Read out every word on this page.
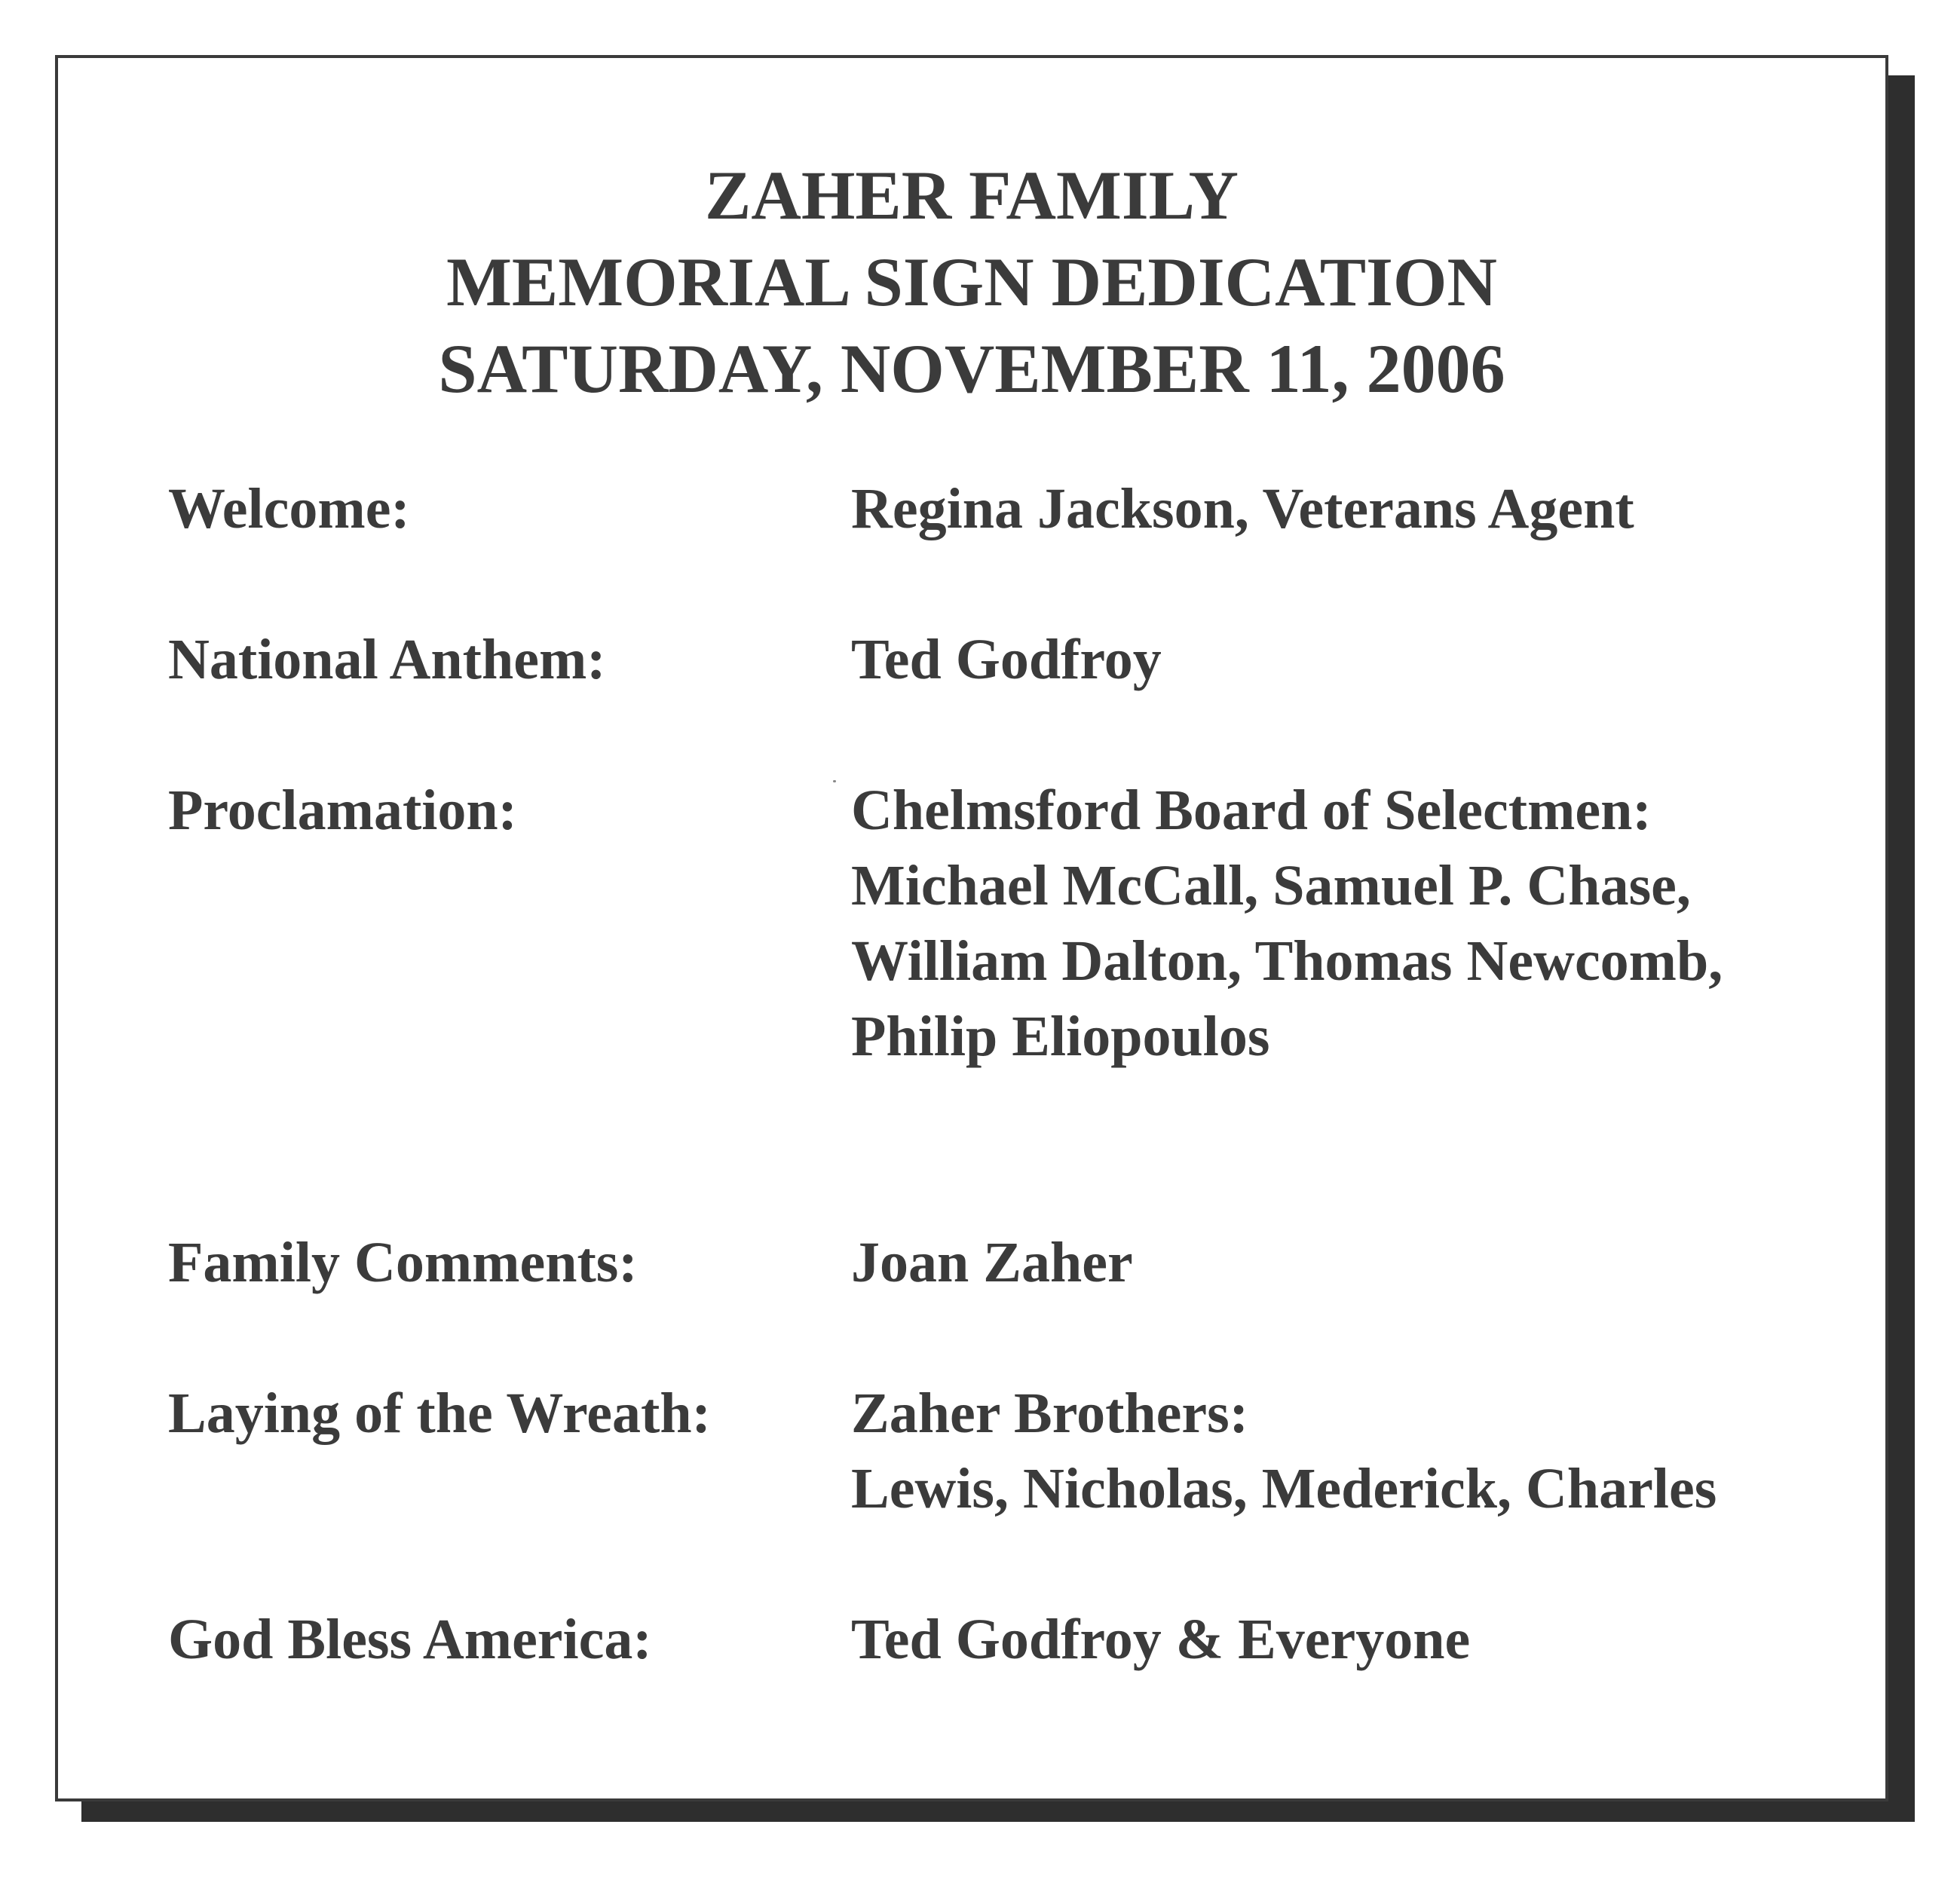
ZAHER FAMILY
MEMORIAL SIGN DEDICATION
SATURDAY, NOVEMBER 11, 2006
Welcome:	Regina Jackson, Veterans Agent
National Anthem:	Ted Godfroy
Proclamation:	Chelmsford Board of Selectmen:
Michael McCall, Samuel P. Chase,
William Dalton, Thomas Newcomb,
Philip Eliopoulos
Family Comments:	Joan Zaher
Laying of the Wreath: Zaher Brothers:
Lewis, Nicholas, Mederick, Charles
God Bless America:	Ted Godfroy & Everyone
